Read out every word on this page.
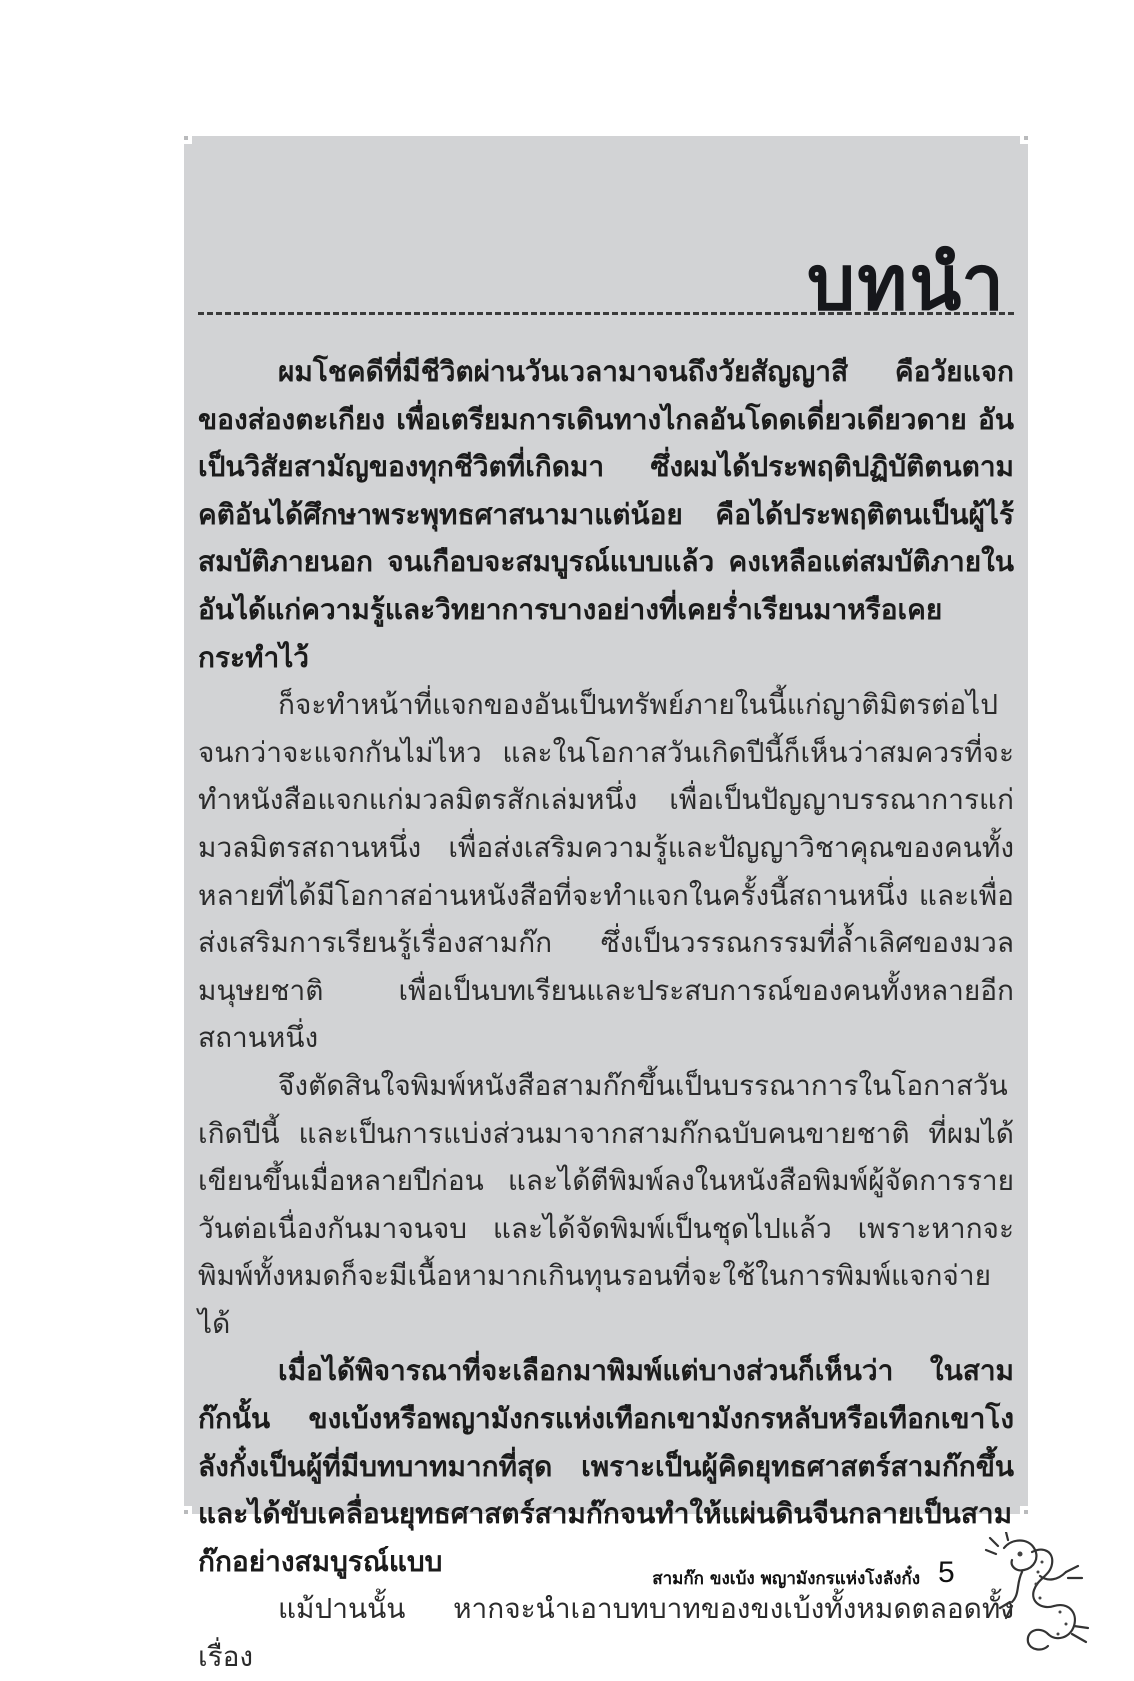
บทนำ

ผมโชคดีที่มีชีวิตผ่านวันเวลามาจนถึงวัยสัญญาสี คือวัยแจกของส่องตะเกียง เพื่อเตรียมการเดินทางไกลอันโดดเดี่ยวเดียวดาย อันเป็นวิสัยสามัญของทุกชีวิตที่เกิดมา ซึ่งผมได้ประพฤติปฏิบัติตนตามคติอันได้ศึกษาพระพุทธศาสนามาแต่น้อย คือได้ประพฤติตนเป็นผู้ไร้สมบัติภายนอก จนเกือบจะสมบูรณ์แบบแล้ว คงเหลือแต่สมบัติภายในอันได้แก่ความรู้และวิทยาการบางอย่างที่เคยร่ำเรียนมาหรือเคยกระทำไว้

ก็จะทำหน้าที่แจกของอันเป็นทรัพย์ภายในนี้แก่ญาติมิตรต่อไปจนกว่าจะแจกกันไม่ไหว และในโอกาสวันเกิดปีนี้ก็เห็นว่าสมควรที่จะทำหนังสือแจกแก่มวลมิตรสักเล่มหนึ่ง เพื่อเป็นปัญญาบรรณาการแก่มวลมิตรสถานหนึ่ง เพื่อส่งเสริมความรู้และปัญญาวิชาคุณของคนทั้งหลายที่ได้มีโอกาสอ่านหนังสือที่จะทำแจกในครั้งนี้สถานหนึ่ง และเพื่อส่งเสริมการเรียนรู้เรื่องสามก๊ก ซึ่งเป็นวรรณกรรมที่ล้ำเลิศของมวลมนุษยชาติ เพื่อเป็นบทเรียนและประสบการณ์ของคนทั้งหลายอีกสถานหนึ่ง

จึงตัดสินใจพิมพ์หนังสือสามก๊กขึ้นเป็นบรรณาการในโอกาสวันเกิดปีนี้ และเป็นการแบ่งส่วนมาจากสามก๊กฉบับคนขายชาติ ที่ผมได้เขียนขึ้นเมื่อหลายปีก่อน และได้ตีพิมพ์ลงในหนังสือพิมพ์ผู้จัดการรายวันต่อเนื่องกันมาจนจบ และได้จัดพิมพ์เป็นชุดไปแล้ว เพราะหากจะพิมพ์ทั้งหมดก็จะมีเนื้อหามากเกินทุนรอนที่จะใช้ในการพิมพ์แจกจ่ายได้

เมื่อได้พิจารณาที่จะเลือกมาพิมพ์แต่บางส่วนก็เห็นว่า ในสามก๊กนั้น ขงเบ้งหรือพญามังกรแห่งเทือกเขามังกรหลับหรือเทือกเขาโงลังกั๋งเป็นผู้ที่มีบทบาทมากที่สุด เพราะเป็นผู้คิดยุทธศาสตร์สามก๊กขึ้น และได้ขับเคลื่อนยุทธศาสตร์สามก๊กจนทำให้แผ่นดินจีนกลายเป็นสามก๊กอย่างสมบูรณ์แบบ

แม้ปานนั้น หากจะนำเอาบทบาทของขงเบ้งทั้งหมดตลอดทั้งเรื่อง

สามก๊ก ขงเบ้ง พญามังกรแห่งโงลังกั๋ง 5
